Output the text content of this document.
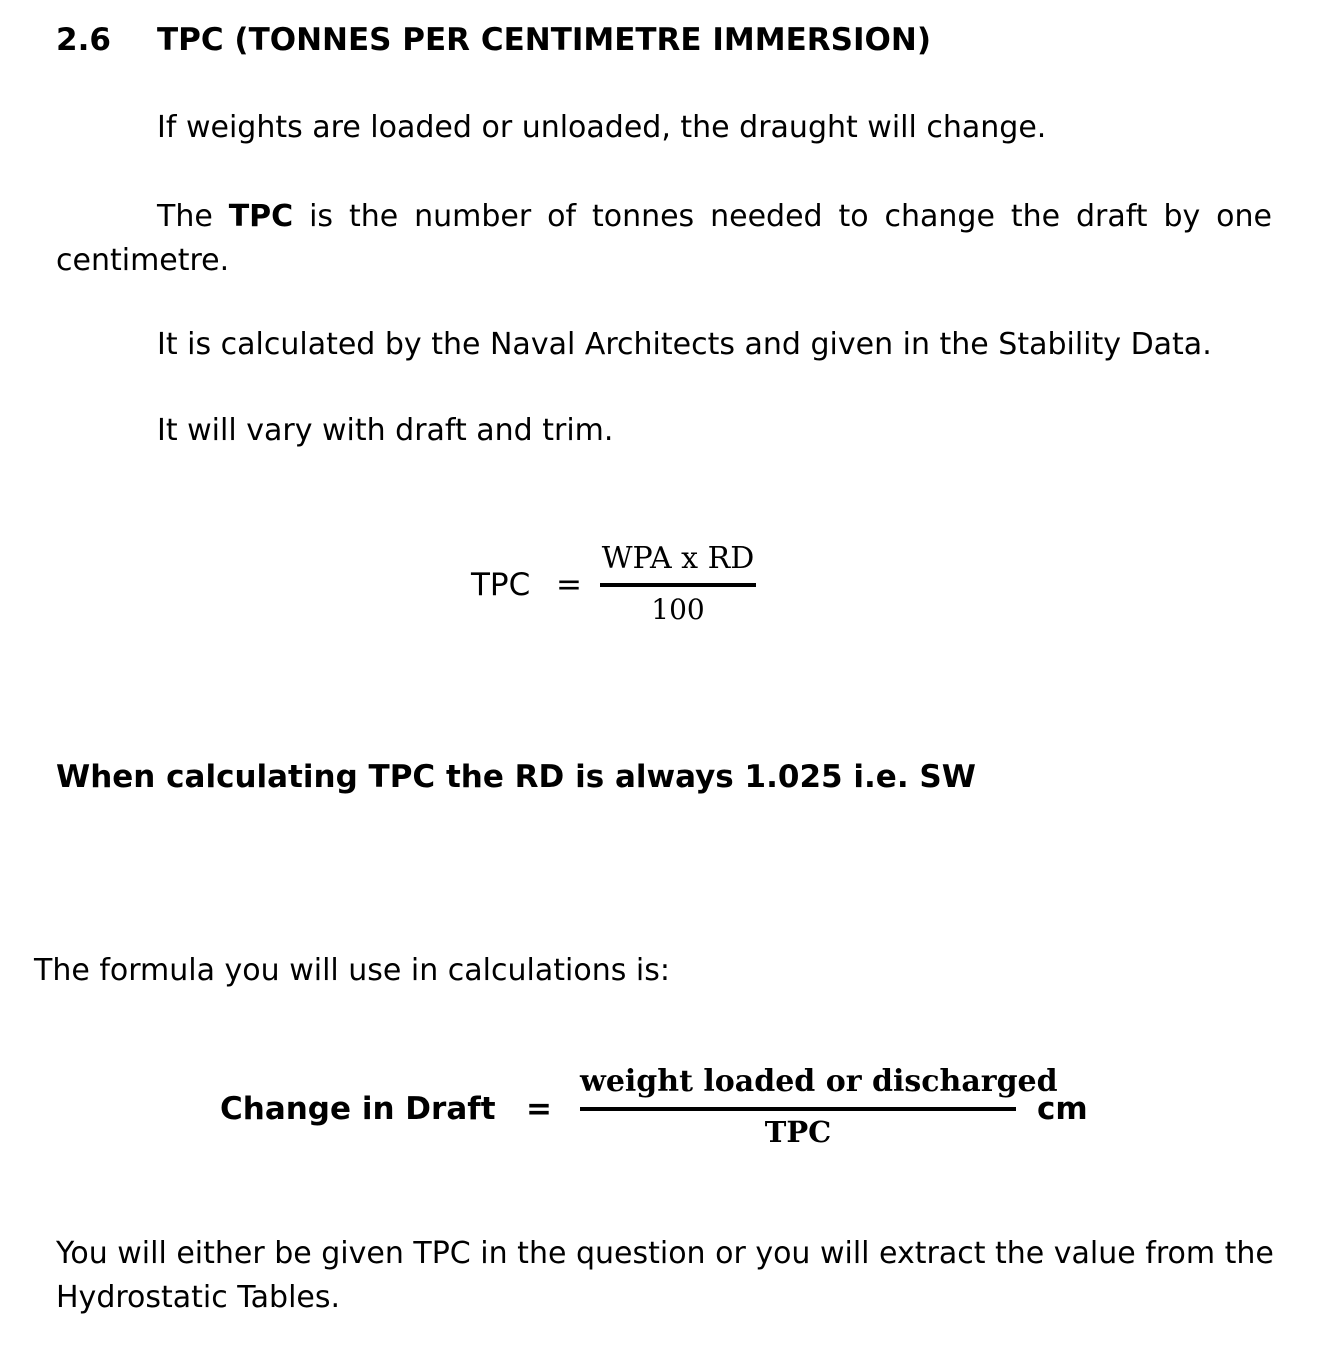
2.6 TPC (TONNES PER CENTIMETRE IMMERSION)
If weights are loaded or unloaded, the draught will change.
The TPC is the number of tonnes needed to change the draft by one centimetre.
It is calculated by the Naval Architects and given in the Stability Data.
It will vary with draft and trim.
TPC =
WPA x RD
100
When calculating TPC the RD is always 1.025 i.e. SW
The formula you will use in calculations is:
Change in Draft =
weight loaded or discharged
TPC
cm
You will either be given TPC in the question or you will extract the value from the Hydrostatic Tables.
